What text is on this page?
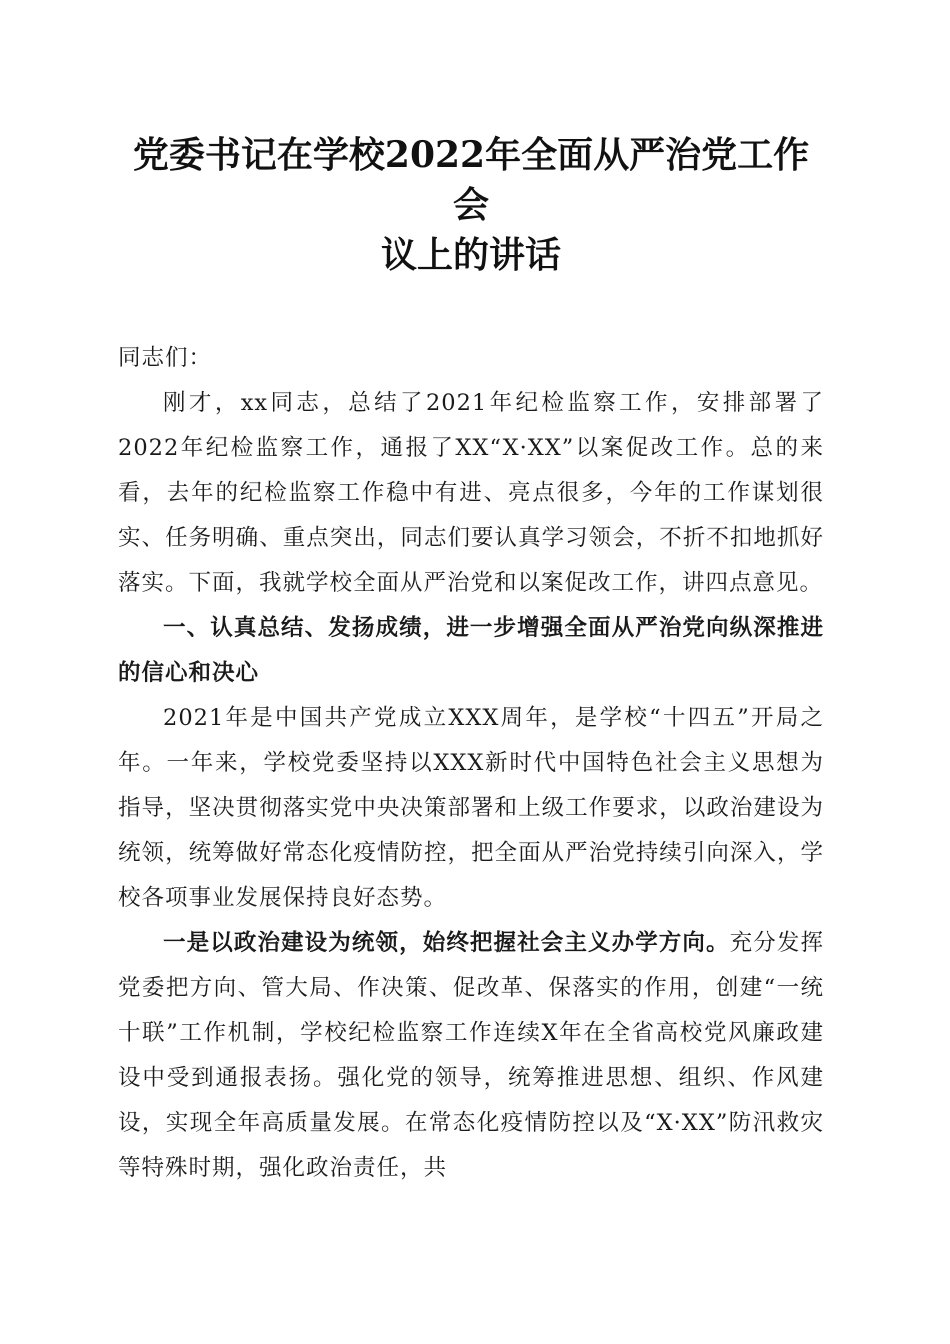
党委书记在学校2022年全面从严治党工作会
议上的讲话

同志们：

刚才，xx同志，总结了2021年纪检监察工作，安排部署了2022年纪检监察工作，通报了XX“X·XX”以案促改工作。总的来看，去年的纪检监察工作稳中有进、亮点很多，今年的工作谋划很实、任务明确、重点突出，同志们要认真学习领会，不折不扣地抓好落实。下面，我就学校全面从严治党和以案促改工作，讲四点意见。

一、认真总结、发扬成绩，进一步增强全面从严治党向纵深推进的信心和决心

2021年是中国共产党成立XXX周年，是学校“十四五”开局之年。一年来，学校党委坚持以XXX新时代中国特色社会主义思想为指导，坚决贯彻落实党中央决策部署和上级工作要求，以政治建设为统领，统筹做好常态化疫情防控，把全面从严治党持续引向深入，学校各项事业发展保持良好态势。

一是以政治建设为统领，始终把握社会主义办学方向。充分发挥党委把方向、管大局、作决策、促改革、保落实的作用，创建“一统十联”工作机制，学校纪检监察工作连续X年在全省高校党风廉政建设中受到通报表扬。强化党的领导，统筹推进思想、组织、作风建设，实现全年高质量发展。在常态化疫情防控以及“X·XX”防汛救灾等特殊时期，强化政治责任，共
